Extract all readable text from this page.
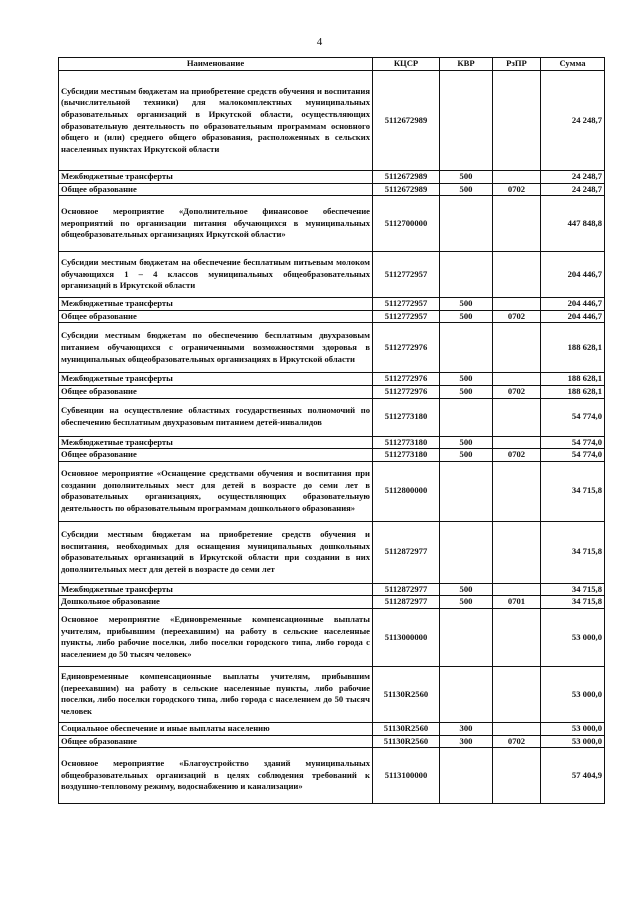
4
Наименование	КЦСР	КВР	РзПР	Сумма
Субсидии местным бюджетам на приобретение средств обучения и воспитания (вычислительной техники) для малокомплектных муниципальных образовательных организаций в Иркутской области, осуществляющих образовательную деятельность по образовательным программам основного общего и (или) среднего общего образования, расположенных в сельских населенных пунктах Иркутской области	5112672989			24 248,7
Межбюджетные трансферты	5112672989	500		24 248,7
Общее образование	5112672989	500	0702	24 248,7
Основное мероприятие «Дополнительное финансовое обеспечение мероприятий по организации питания обучающихся в муниципальных общеобразовательных организациях Иркутской области»	5112700000			447 848,8
Субсидии местным бюджетам на обеспечение бесплатным питьевым молоком обучающихся 1 – 4 классов муниципальных общеобразовательных организаций в Иркутской области	5112772957			204 446,7
Межбюджетные трансферты	5112772957	500		204 446,7
Общее образование	5112772957	500	0702	204 446,7
Субсидии местным бюджетам по обеспечению бесплатным двухразовым питанием обучающихся с ограниченными возможностями здоровья в муниципальных общеобразовательных организациях в Иркутской области	5112772976			188 628,1
Межбюджетные трансферты	5112772976	500		188 628,1
Общее образование	5112772976	500	0702	188 628,1
Субвенции на осуществление областных государственных полномочий по обеспечению бесплатным двухразовым питанием детей-инвалидов	5112773180			54 774,0
Межбюджетные трансферты	5112773180	500		54 774,0
Общее образование	5112773180	500	0702	54 774,0
Основное мероприятие «Оснащение средствами обучения и воспитания при создании дополнительных мест для детей в возрасте до семи лет в образовательных организациях, осуществляющих образовательную деятельность по образовательным программам дошкольного образования»	5112800000			34 715,8
Субсидии местным бюджетам на приобретение средств обучения и воспитания, необходимых для оснащения муниципальных дошкольных образовательных организаций в Иркутской области при создании в них дополнительных мест для детей в возрасте до семи лет	5112872977			34 715,8
Межбюджетные трансферты	5112872977	500		34 715,8
Дошкольное образование	5112872977	500	0701	34 715,8
Основное мероприятие «Единовременные компенсационные выплаты учителям, прибывшим (переехавшим) на работу в сельские населенные пункты, либо рабочие поселки, либо поселки городского типа, либо города с населением до 50 тысяч человек»	5113000000			53 000,0
Единовременные компенсационные выплаты учителям, прибывшим (переехавшим) на работу в сельские населенные пункты, либо рабочие поселки, либо поселки городского типа, либо города с населением до 50 тысяч человек	51130R2560			53 000,0
Социальное обеспечение и иные выплаты населению	51130R2560	300		53 000,0
Общее образование	51130R2560	300	0702	53 000,0
Основное мероприятие «Благоустройство зданий муниципальных общеобразовательных организаций в целях соблюдения требований к воздушно-тепловому режиму, водоснабжению и канализации»	5113100000			57 404,9
